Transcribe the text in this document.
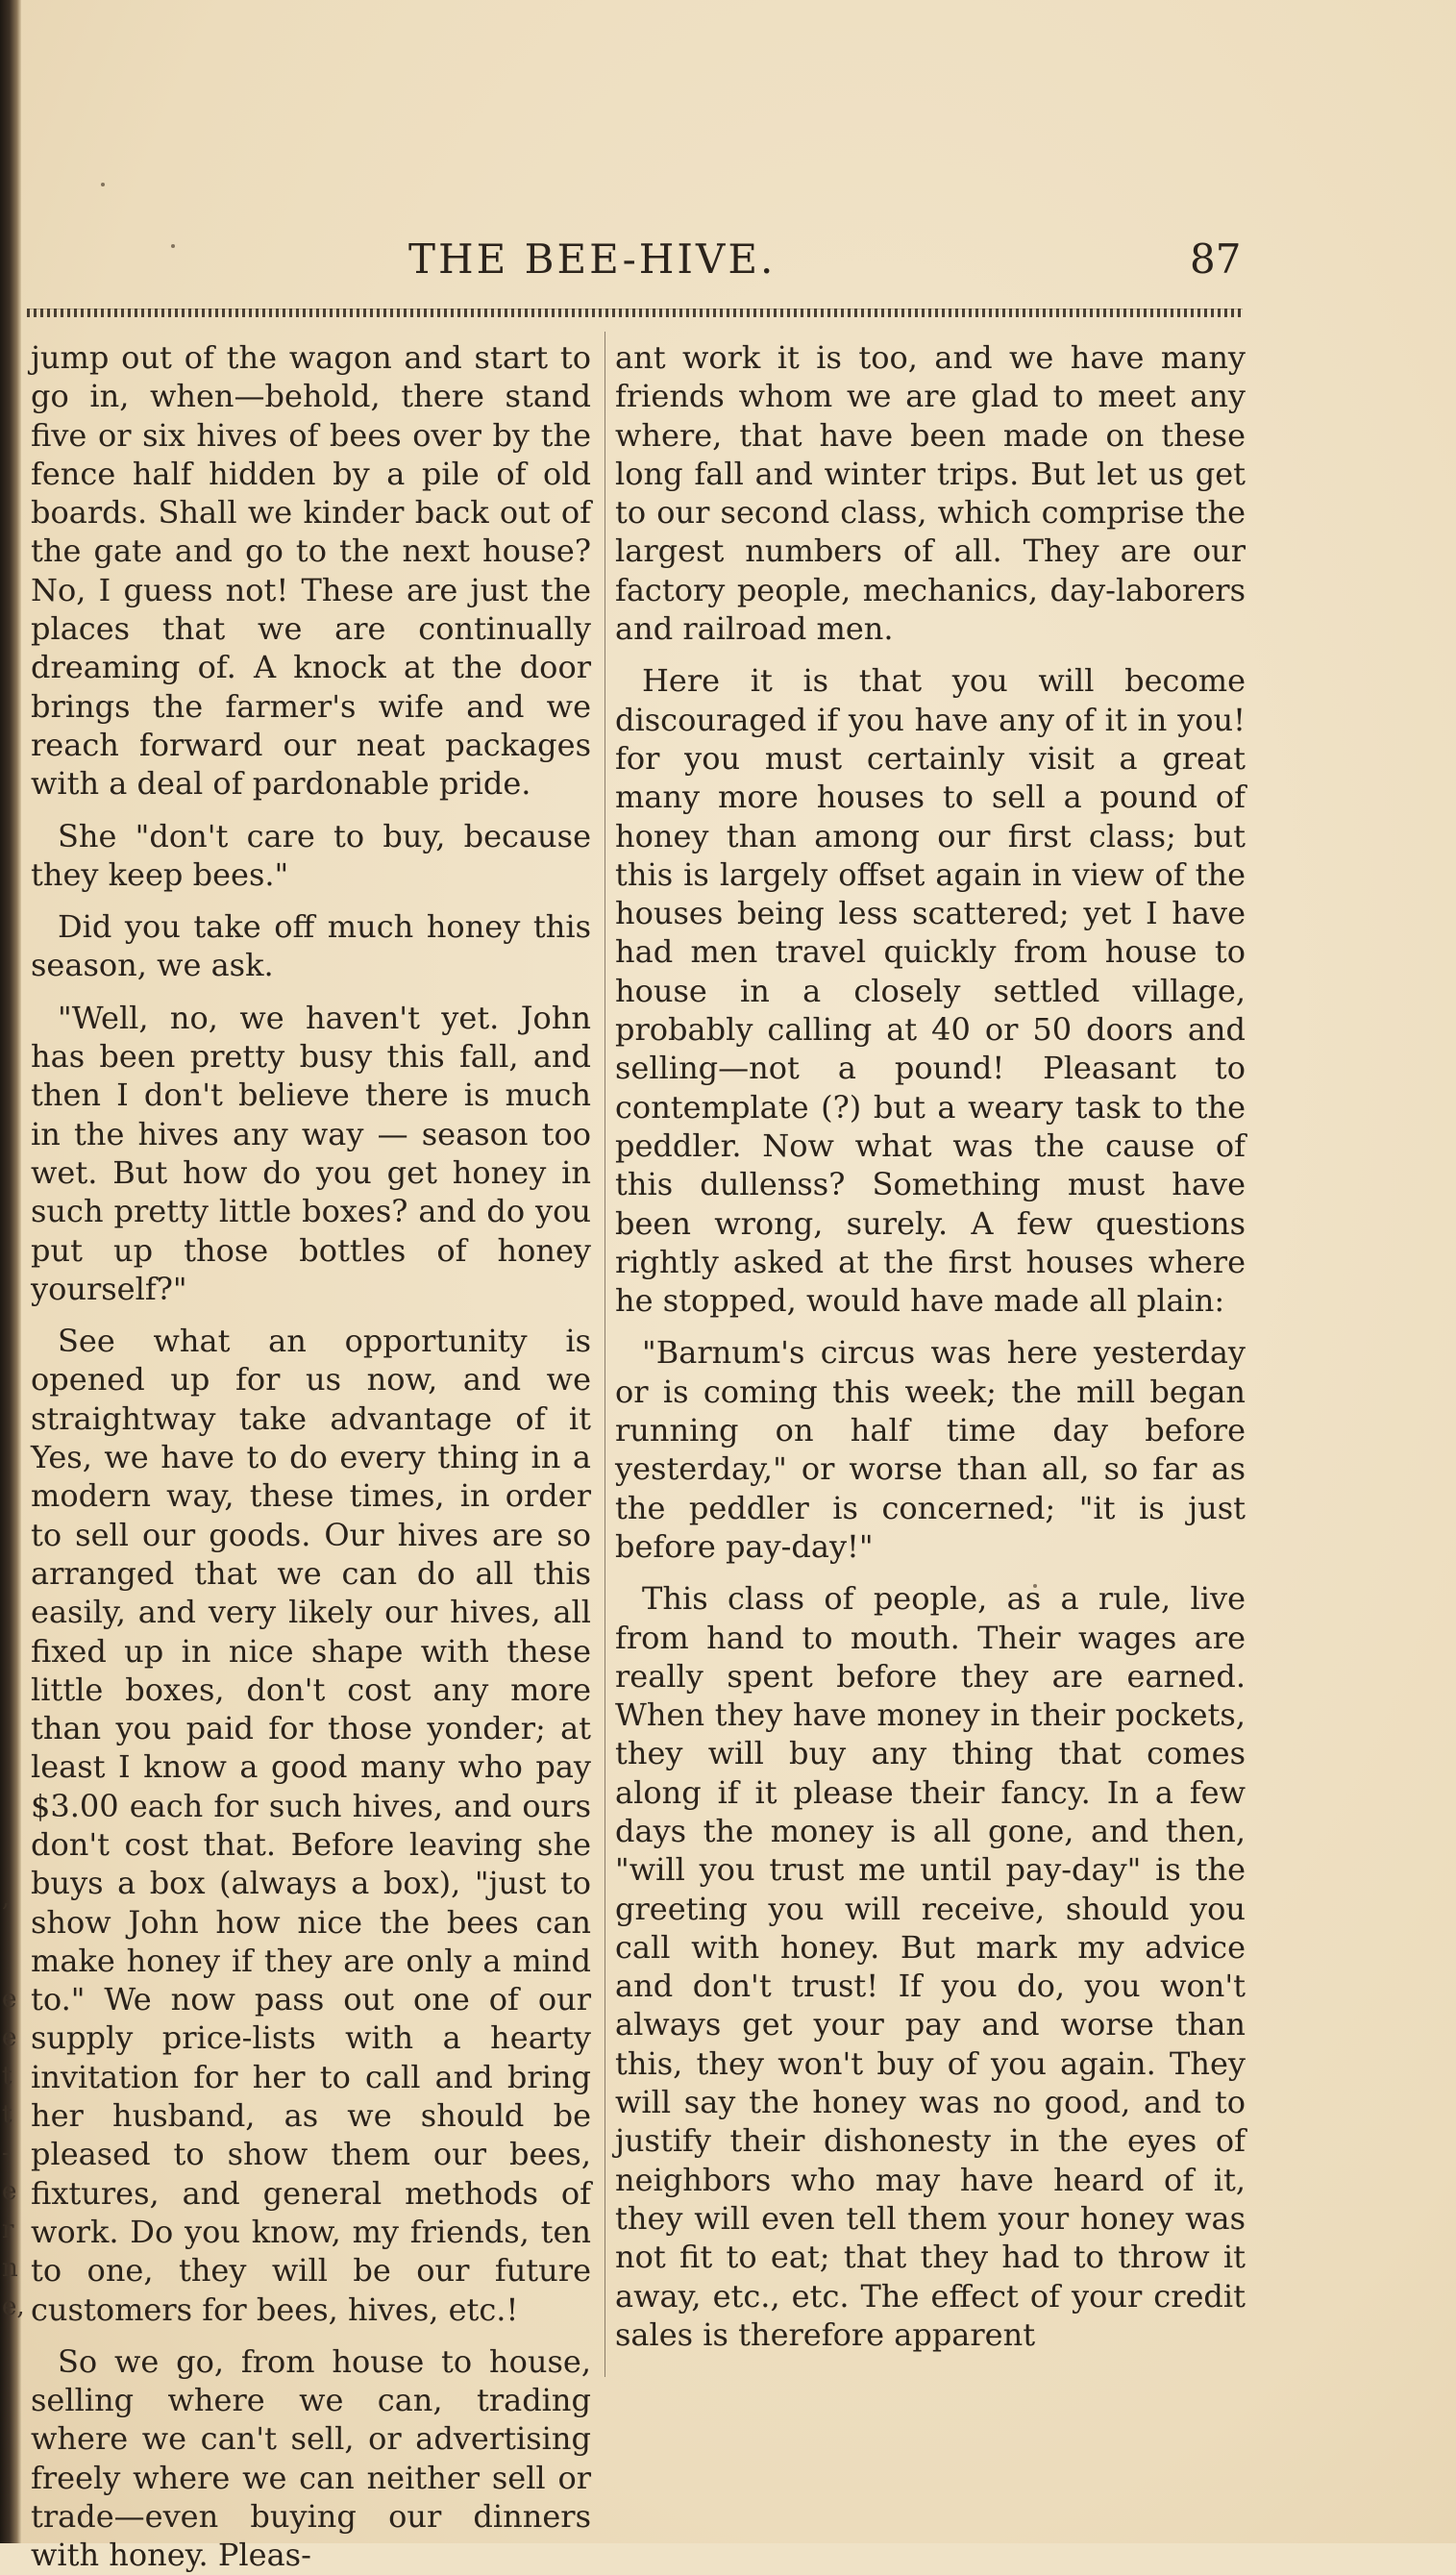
,
e
e
t
t
-
e
r
n
e,
THE BEE-HIVE.	87

jump out of the wagon and start to go in, when—behold, there stand five or six hives of bees over by the fence half hidden by a pile of old boards. Shall we kinder back out of the gate and go to the next house? No, I guess not! These are just the places that we are continually dreaming of. A knock at the door brings the farmer's wife and we reach forward our neat packages with a deal of pardonable pride.

She "don't care to buy, because they keep bees."

Did you take off much honey this season, we ask.

"Well, no, we haven't yet. John has been pretty busy this fall, and then I don't believe there is much in the hives any way — season too wet. But how do you get honey in such pretty little boxes? and do you put up those bottles of honey yourself?"

See what an opportunity is opened up for us now, and we straightway take advantage of it Yes, we have to do every thing in a modern way, these times, in order to sell our goods. Our hives are so arranged that we can do all this easily, and very likely our hives, all fixed up in nice shape with these little boxes, don't cost any more than you paid for those yonder; at least I know a good many who pay $3.00 each for such hives, and ours don't cost that. Before leaving she buys a box (always a box), "just to show John how nice the bees can make honey if they are only a mind to." We now pass out one of our supply price-lists with a hearty invitation for her to call and bring her husband, as we should be pleased to show them our bees, fixtures, and general methods of work. Do you know, my friends, ten to one, they will be our future customers for bees, hives, etc.!

So we go, from house to house, selling where we can, trading where we can't sell, or advertising freely where we can neither sell or trade—even buying our dinners with honey. Pleas-

ant work it is too, and we have many friends whom we are glad to meet any where, that have been made on these long fall and winter trips. But let us get to our second class, which comprise the largest numbers of all. They are our factory people, mechanics, day-laborers and railroad men.

Here it is that you will become discouraged if you have any of it in you! for you must certainly visit a great many more houses to sell a pound of honey than among our first class; but this is largely offset again in view of the houses being less scattered; yet I have had men travel quickly from house to house in a closely settled village, probably calling at 40 or 50 doors and selling—not a pound! Pleasant to contemplate (?) but a weary task to the peddler. Now what was the cause of this dullenss? Something must have been wrong, surely. A few questions rightly asked at the first houses where he stopped, would have made all plain:

"Barnum's circus was here yesterday or is coming this week; the mill began running on half time day before yesterday," or worse than all, so far as the peddler is concerned; "it is just before pay-day!"

This class of people, as a rule, live from hand to mouth. Their wages are really spent before they are earned. When they have money in their pockets, they will buy any thing that comes along if it please their fancy. In a few days the money is all gone, and then, "will you trust me until pay-day" is the greeting you will receive, should you call with honey. But mark my advice and don't trust! If you do, you won't always get your pay and worse than this, they won't buy of you again. They will say the honey was no good, and to justify their dishonesty in the eyes of neighbors who may have heard of it, they will even tell them your honey was not fit to eat; that they had to throw it away, etc., etc. The effect of your credit sales is therefore apparent
